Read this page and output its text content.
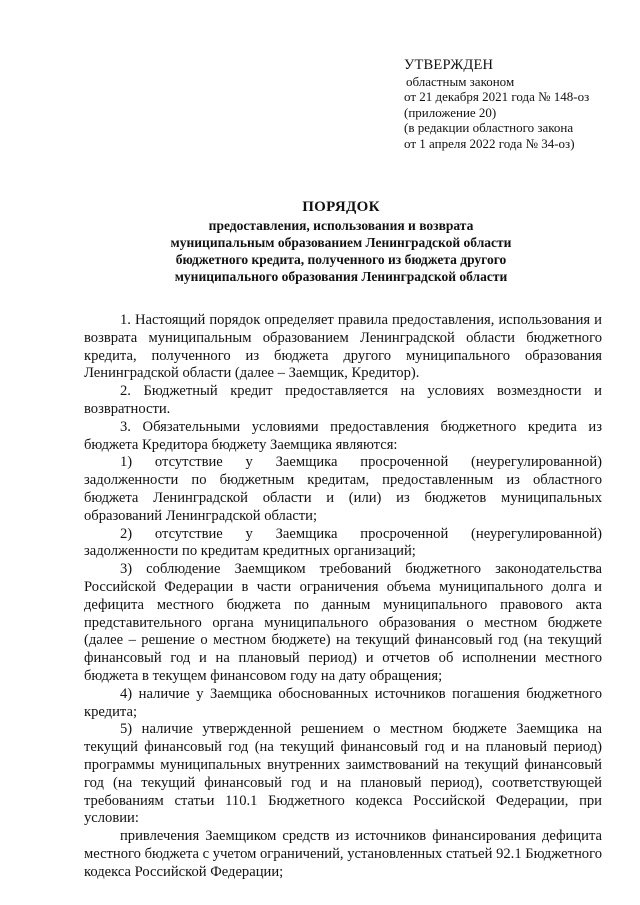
УТВЕРЖДЕН
областным законом
от 21 декабря 2021 года № 148-оз
(приложение 20)
(в редакции областного закона
от 1 апреля 2022 года № 34-оз)
ПОРЯДОК
предоставления, использования и возврата
муниципальным образованием Ленинградской области
бюджетного кредита, полученного из бюджета другого
муниципального образования Ленинградской области

1. Настоящий порядок определяет правила предоставления, использования и возврата муниципальным образованием Ленинградской области бюджетного кредита, полученного из бюджета другого муниципального образования Ленинградской области (далее – Заемщик, Кредитор).

2. Бюджетный кредит предоставляется на условиях возмездности и возвратности.

3. Обязательными условиями предоставления бюджетного кредита из бюджета Кредитора бюджету Заемщика являются:

1) отсутствие у Заемщика просроченной (неурегулированной) задолженности по бюджетным кредитам, предоставленным из областного бюджета Ленинградской области и (или) из бюджетов муниципальных образований Ленинградской области;

2) отсутствие у Заемщика просроченной (неурегулированной) задолженности по кредитам кредитных организаций;

3) соблюдение Заемщиком требований бюджетного законодательства Российской Федерации в части ограничения объема муниципального долга и дефицита местного бюджета по данным муниципального правового акта представительного органа муниципального образования о местном бюджете (далее – решение о местном бюджете) на текущий финансовый год (на текущий финансовый год и на плановый период) и отчетов об исполнении местного бюджета в текущем финансовом году на дату обращения;

4) наличие у Заемщика обоснованных источников погашения бюджетного кредита;

5) наличие утвержденной решением о местном бюджете Заемщика на текущий финансовый год (на текущий финансовый год и на плановый период) программы муниципальных внутренних заимствований на текущий финансовый год (на текущий финансовый год и на плановый период), соответствующей требованиям статьи 110.1 Бюджетного кодекса Российской Федерации, при условии:

привлечения Заемщиком средств из источников финансирования дефицита местного бюджета с учетом ограничений, установленных статьей 92.1 Бюджетного кодекса Российской Федерации;
